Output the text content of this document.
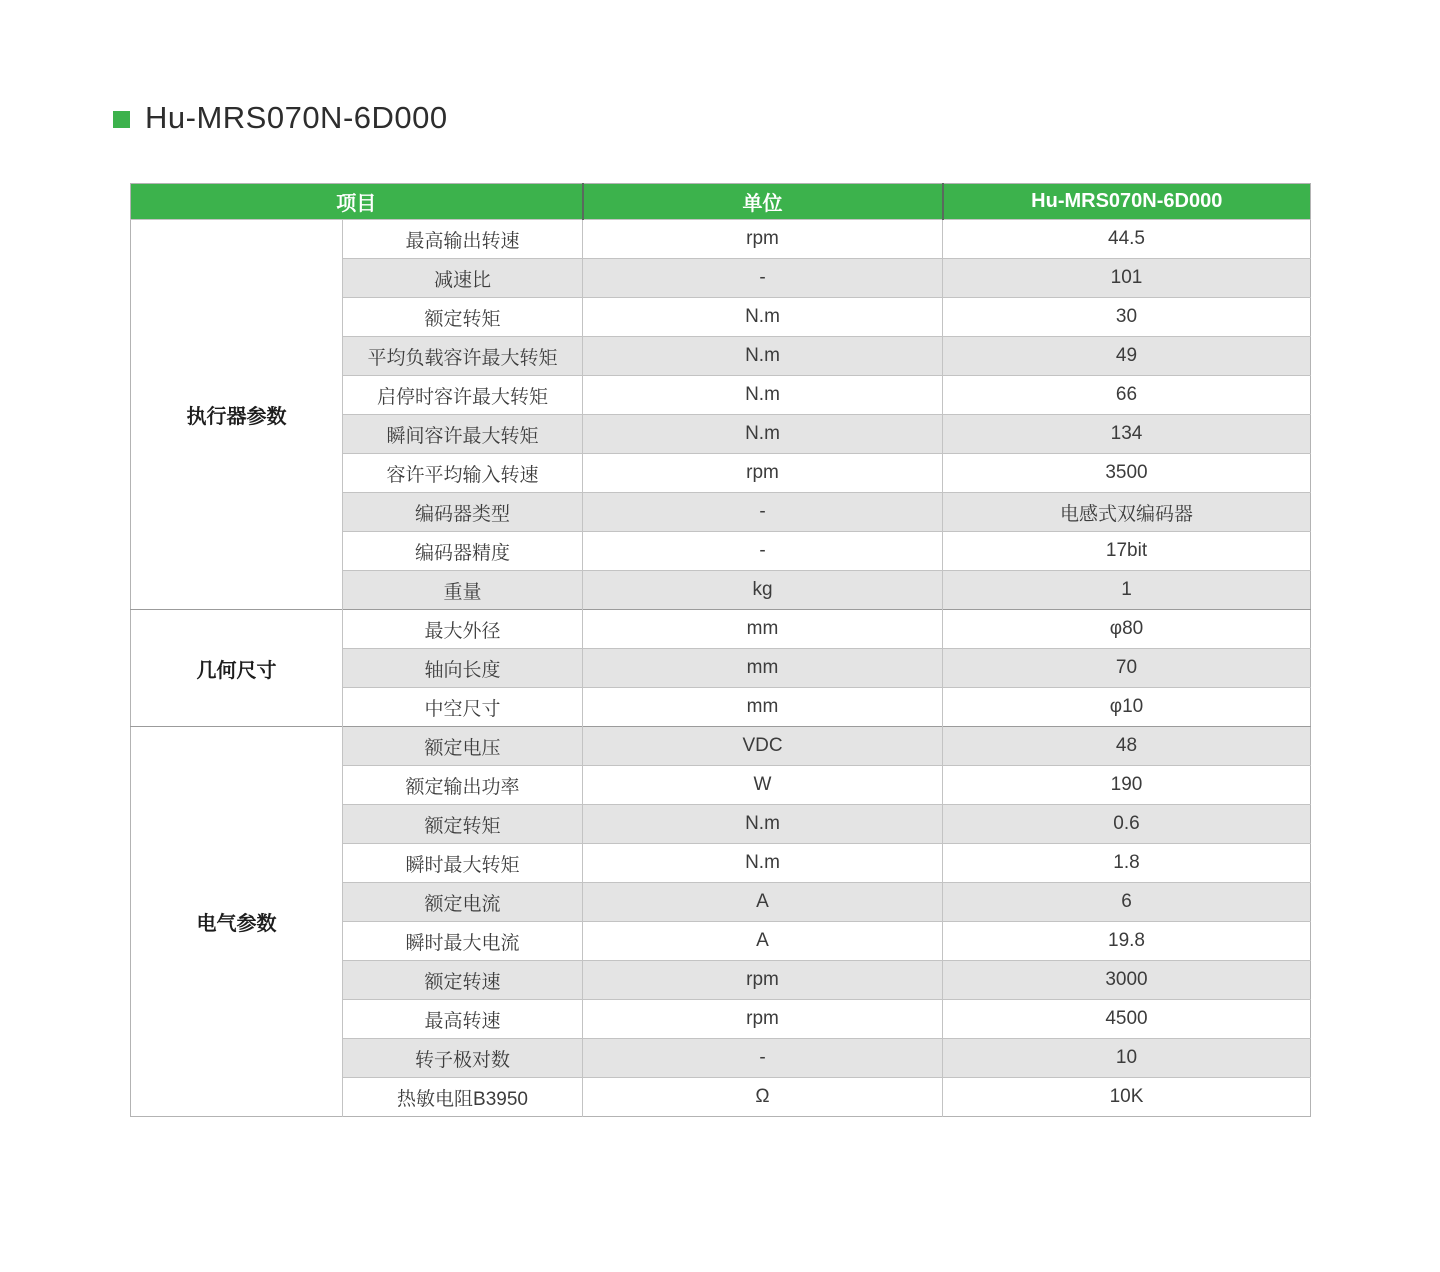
Hu-MRS070N-6D000
项目		单位	Hu-MRS070N-6D000
执行器参数	最高输出转速	rpm	44.5
	减速比	-	101
	额定转矩	N.m	30
	平均负载容许最大转矩	N.m	49
	启停时容许最大转矩	N.m	66
	瞬间容许最大转矩	N.m	134
	容许平均输入转速	rpm	3500
	编码器类型	-	电感式双编码器
	编码器精度	-	17bit
	重量	kg	1
几何尺寸	最大外径	mm	φ80
	轴向长度	mm	70
	中空尺寸	mm	φ10
电气参数	额定电压	VDC	48
	额定输出功率	W	190
	额定转矩	N.m	0.6
	瞬时最大转矩	N.m	1.8
	额定电流	A	6
	瞬时最大电流	A	19.8
	额定转速	rpm	3000
	最高转速	rpm	4500
	转子极对数	-	10
	热敏电阻B3950	Ω	10K
